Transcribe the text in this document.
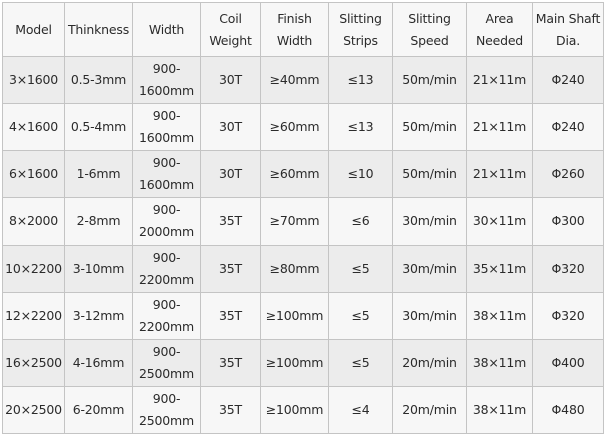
Model	Thinkness	Width	Coil Weight	Finish Width	Slitting Strips	Slitting Speed	Area Needed	Main Shaft Dia.
3×1600	0.5-3mm	900-1600mm	30T	≥40mm	≤13	50m/min	21×11m	Φ240
4×1600	0.5-4mm	900-1600mm	30T	≥60mm	≤13	50m/min	21×11m	Φ240
6×1600	1-6mm	900-1600mm	30T	≥60mm	≤10	50m/min	21×11m	Φ260
8×2000	2-8mm	900-2000mm	35T	≥70mm	≤6	30m/min	30×11m	Φ300
10×2200	3-10mm	900-2200mm	35T	≥80mm	≤5	30m/min	35×11m	Φ320
12×2200	3-12mm	900-2200mm	35T	≥100mm	≤5	30m/min	38×11m	Φ320
16×2500	4-16mm	900-2500mm	35T	≥100mm	≤5	20m/min	38×11m	Φ400
20×2500	6-20mm	900-2500mm	35T	≥100mm	≤4	20m/min	38×11m	Φ480
